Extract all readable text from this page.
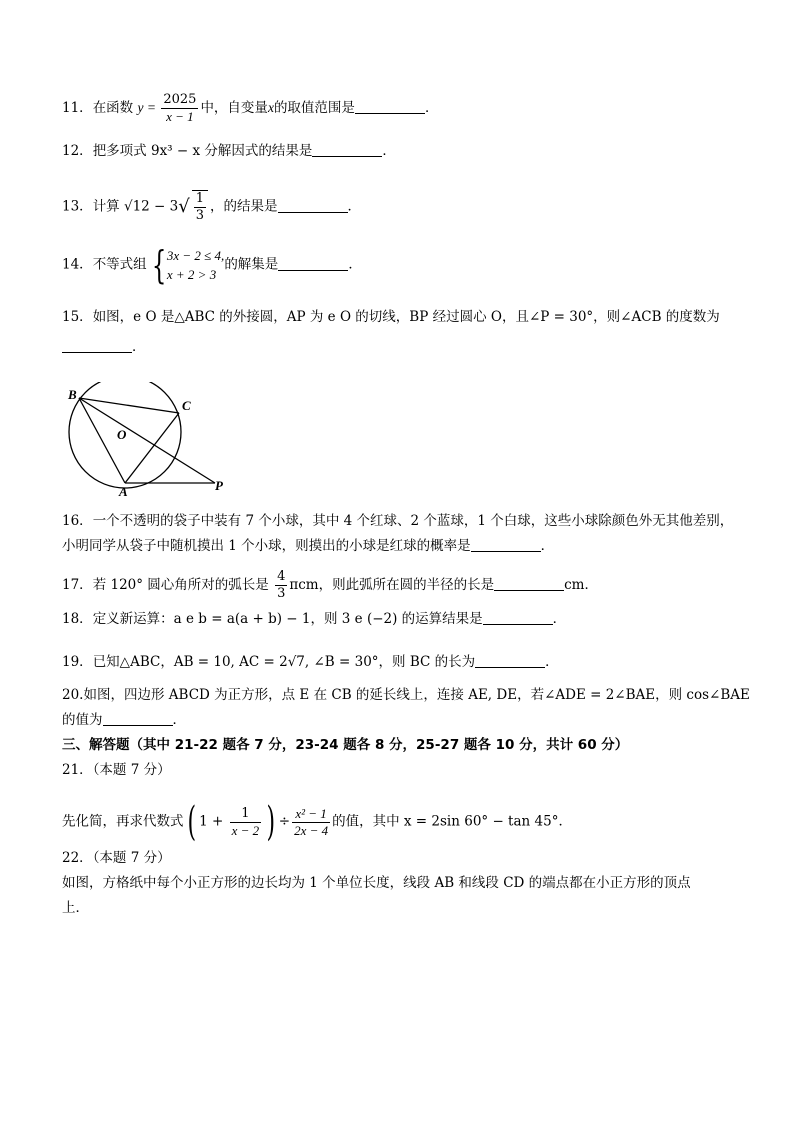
11．在函数 $y = \frac{2025}{x - 1}$ 中，自变量x的取值范围是	．
12．把多项式 9x³ − x 分解因式的结果是	．
13．计算 $√12 - 3√ \frac{1}{3}$ ，的结果是	．
14．不等式组 { 3x − 2 ≤ 4,
x + 2 > 3
的解集是	．
15．如图，e O 是△ABC 的外接圆，AP 为 e O 的切线，BP 经过圆心 O，且∠P = 30°，则∠ACB 的度数为
．
B
C
O
A	P
16．一个不透明的袋子中装有 7 个小球，其中 4 个红球、2 个蓝球，1 个白球，这些小球除颜色外无其他差别，
小明同学从袋子中随机摸出 1 个小球，则摸出的小球是红球的概率是	．
17．若 120° 圆心角所对的弧长是 $\frac{4}{3}$ πcm，则此弧所在圆的半径的长是	cm．
18．定义新运算：a e b = a(a + b) − 1，则 3 e (−2) 的运算结果是	．
19．已知△ABC，AB = 10, AC = 2√7, ∠B = 30°，则 BC 的长为	．
20.如图，四边形 ABCD 为正方形，点 E 在 CB 的延长线上，连接 AE, DE，若∠ADE = 2∠BAE，则 cos∠BAE
的值为	．
三、解答题（其中 21-22 题各 7 分，23-24 题各 8 分，25-27 题各 10 分，共计 60 分）
21．（本题 7 分）
先化简，再求代数式( $1 + \frac{1}{x - 2}$ ) ÷ $\frac{\text{x² − 1}}{2x - 4}$ 的值，其中 x = 2sin 60° − tan 45°．
22．（本题 7 分）
如图，方格纸中每个小正方形的边长均为 1 个单位长度，线段 AB 和线段 CD 的端点都在小正方形的顶点
上．
